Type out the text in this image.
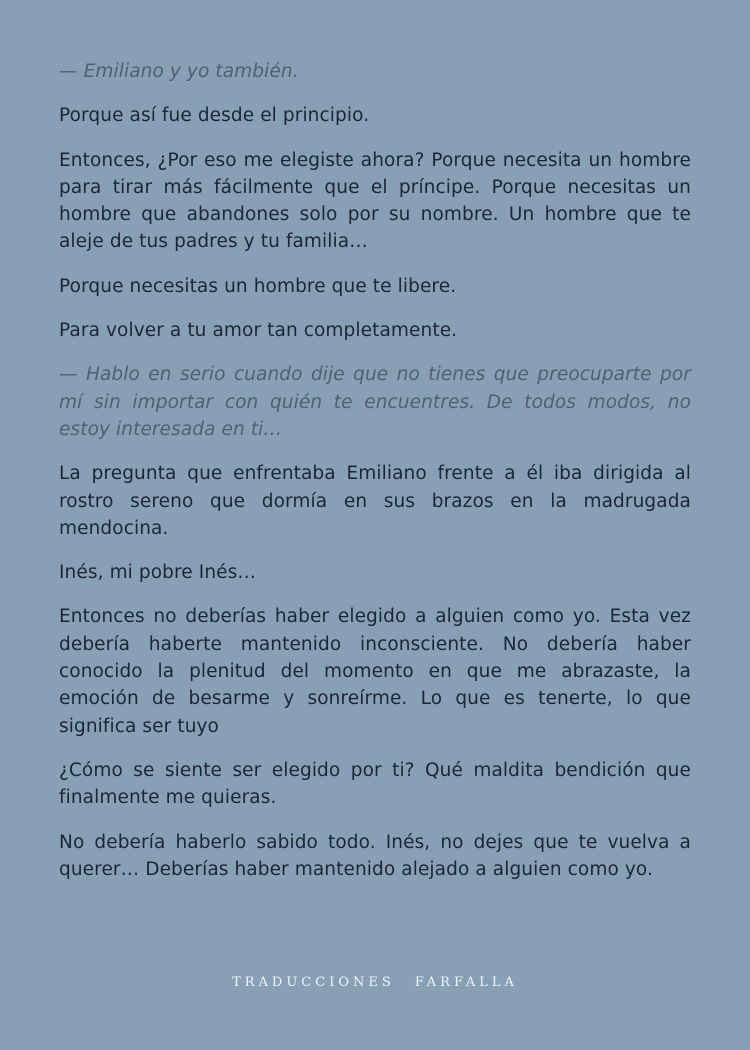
— Emiliano y yo también.

Porque así fue desde el principio.

Entonces, ¿Por eso me elegiste ahora? Porque necesita un hombre para tirar más fácilmente que el príncipe. Porque necesitas un hombre que abandones solo por su nombre. Un hombre que te aleje de tus padres y tu familia…

Porque necesitas un hombre que te libere.

Para volver a tu amor tan completamente.

— Hablo en serio cuando dije que no tienes que preocuparte por mí sin importar con quién te encuentres. De todos modos, no estoy interesada en ti…

La pregunta que enfrentaba Emiliano frente a él iba dirigida al rostro sereno que dormía en sus brazos en la madrugada mendocina.

Inés, mi pobre Inés…

Entonces no deberías haber elegido a alguien como yo. Esta vez debería haberte mantenido inconsciente. No debería haber conocido la plenitud del momento en que me abrazaste, la emoción de besarme y sonreírme. Lo que es tenerte, lo que significa ser tuyo

¿Cómo se siente ser elegido por ti? Qué maldita bendición que finalmente me quieras.

No debería haberlo sabido todo. Inés, no dejes que te vuelva a querer… Deberías haber mantenido alejado a alguien como yo.

TRADUCCIONES FARFALLA
